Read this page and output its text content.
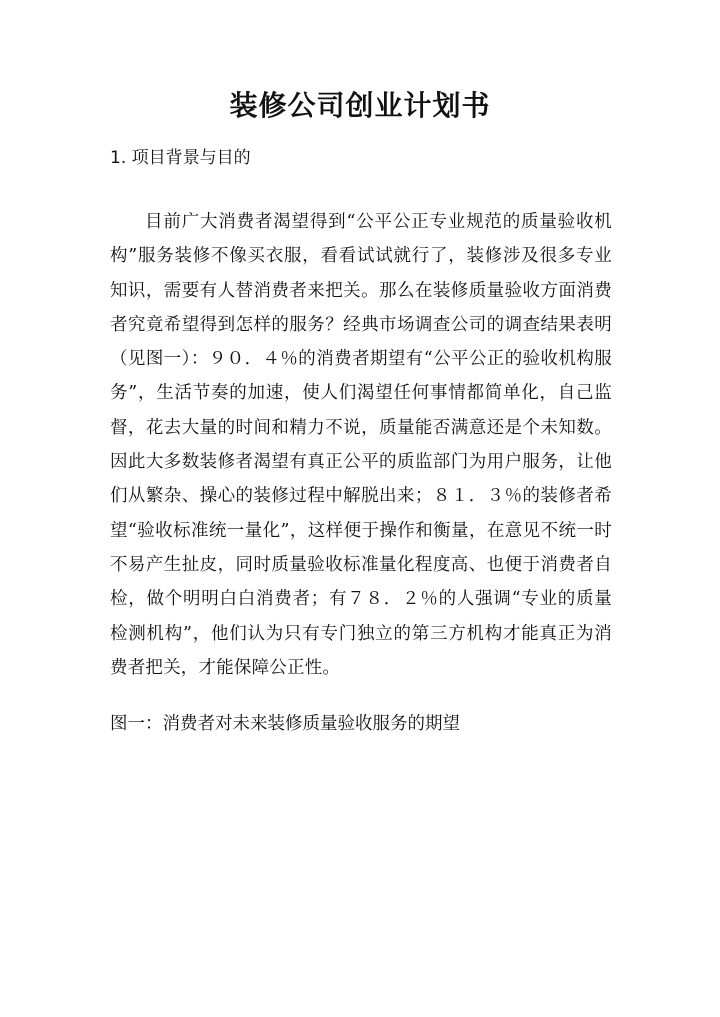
装修公司创业计划书
1. 项目背景与目的

目前广大消费者渴望得到“公平公正专业规范的质量验收机构”服务装修不像买衣服，看看试试就行了，装修涉及很多专业知识，需要有人替消费者来把关。那么在装修质量验收方面消费者究竟希望得到怎样的服务？经典市场调查公司的调查结果表明（见图一）：９０．４％的消费者期望有“公平公正的验收机构服务”，生活节奏的加速，使人们渴望任何事情都简单化，自己监督，花去大量的时间和精力不说，质量能否满意还是个未知数。因此大多数装修者渴望有真正公平的质监部门为用户服务，让他们从繁杂、操心的装修过程中解脱出来；８１．３％的装修者希望“验收标准统一量化”，这样便于操作和衡量，在意见不统一时不易产生扯皮，同时质量验收标准量化程度高、也便于消费者自检，做个明明白白消费者；有７８．２％的人强调“专业的质量检测机构”，他们认为只有专门独立的第三方机构才能真正为消费者把关，才能保障公正性。

图一：消费者对未来装修质量验收服务的期望
